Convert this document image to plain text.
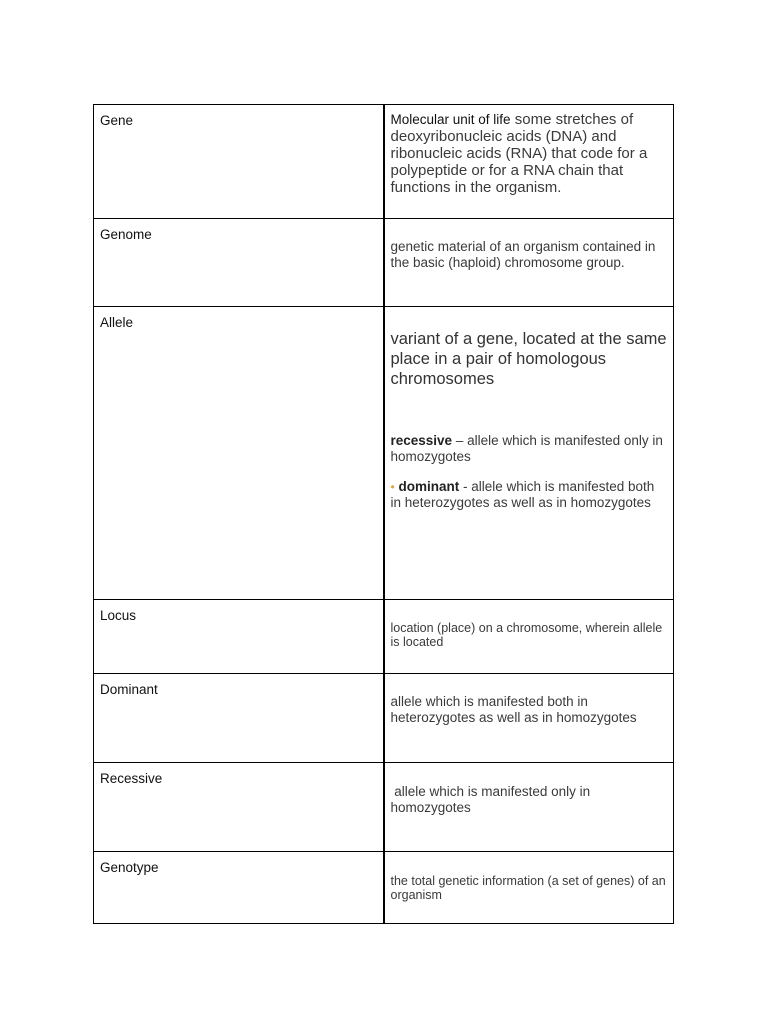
Gene	Molecular unit of life some stretches of deoxyribonucleic acids (DNA) and ribonucleic acids (RNA) that code for a polypeptide or for a RNA chain that functions in the organism.

Genome	genetic material of an organism contained in the basic (haploid) chromosome group.

Allele	variant of a gene, located at the same place in a pair of homologous chromosomes
recessive – allele which is manifested only in homozygotes
• dominant - allele which is manifested both in heterozygotes as well as in homozygotes

Locus	location (place) on a chromosome, wherein allele is located

Dominant	allele which is manifested both in heterozygotes as well as in homozygotes

Recessive	allele which is manifested only in homozygotes

Genotype	the total genetic information (a set of genes) of an organism
